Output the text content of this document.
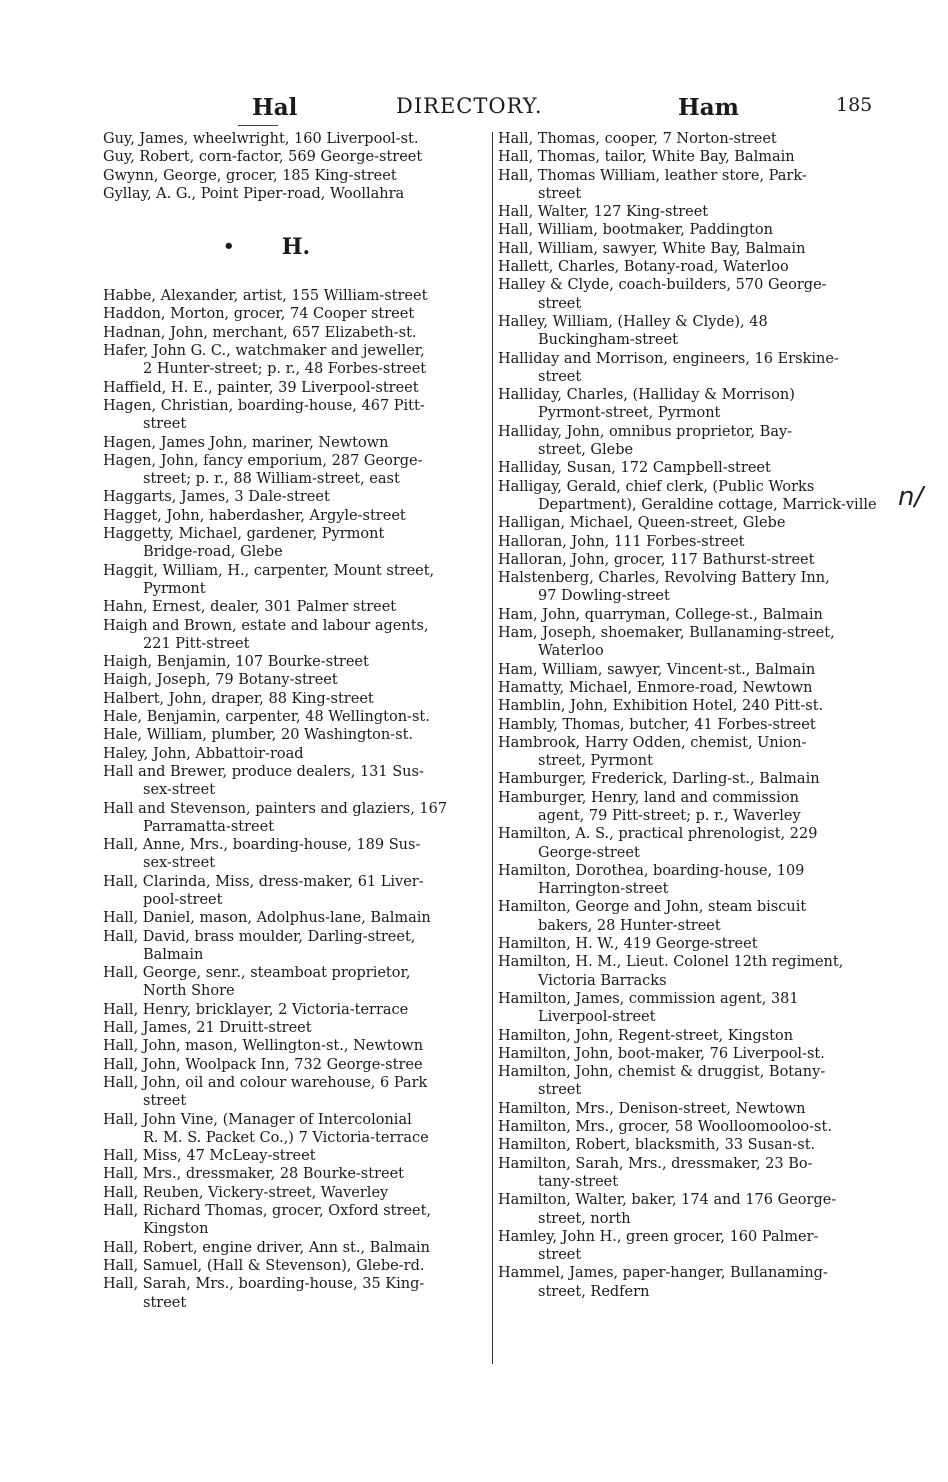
Hal	DIRECTORY.	Ham	185
Guy, James, wheelwright, 160 Liverpool-st.
Guy, Robert, corn-factor, 569 George-street
Gwynn, George, grocer, 185 King-street
Gyllay, A. G., Point Piper-road, Woollahra
• H.
Habbe, Alexander, artist, 155 William-street
Haddon, Morton, grocer, 74 Cooper street
Hadnan, John, merchant, 657 Elizabeth-st.
Hafer, John G. C., watchmaker and jeweller,
2 Hunter-street; p. r., 48 Forbes-street
Haffield, H. E., painter, 39 Liverpool-street
Hagen, Christian, boarding-house, 467 Pitt-
street
Hagen, James John, mariner, Newtown
Hagen, John, fancy emporium, 287 George-
street; p. r., 88 William-street, east
Haggarts, James, 3 Dale-street
Hagget, John, haberdasher, Argyle-street
Haggetty, Michael, gardener, Pyrmont
Bridge-road, Glebe
Haggit, William, H., carpenter, Mount street,
Pyrmont
Hahn, Ernest, dealer, 301 Palmer street
Haigh and Brown, estate and labour agents,
221 Pitt-street
Haigh, Benjamin, 107 Bourke-street
Haigh, Joseph, 79 Botany-street
Halbert, John, draper, 88 King-street
Hale, Benjamin, carpenter, 48 Wellington-st.
Hale, William, plumber, 20 Washington-st.
Haley, John, Abbattoir-road
Hall and Brewer, produce dealers, 131 Sus-
sex-street
Hall and Stevenson, painters and glaziers, 167
Parramatta-street
Hall, Anne, Mrs., boarding-house, 189 Sus-
sex-street
Hall, Clarinda, Miss, dress-maker, 61 Liver-
pool-street
Hall, Daniel, mason, Adolphus-lane, Balmain
Hall, David, brass moulder, Darling-street,
Balmain
Hall, George, senr., steamboat proprietor,
North Shore
Hall, Henry, bricklayer, 2 Victoria-terrace
Hall, James, 21 Druitt-street
Hall, John, mason, Wellington-st., Newtown
Hall, John, Woolpack Inn, 732 George-stree
Hall, John, oil and colour warehouse, 6 Park
street
Hall, John Vine, (Manager of Intercolonial
R. M. S. Packet Co.,) 7 Victoria-terrace
Hall, Miss, 47 McLeay-street
Hall, Mrs., dressmaker, 28 Bourke-street
Hall, Reuben, Vickery-street, Waverley
Hall, Richard Thomas, grocer, Oxford street,
Kingston
Hall, Robert, engine driver, Ann st., Balmain
Hall, Samuel, (Hall & Stevenson), Glebe-rd.
Hall, Sarah, Mrs., boarding-house, 35 King-
street
Hall, Thomas, cooper, 7 Norton-street
Hall, Thomas, tailor, White Bay, Balmain
Hall, Thomas William, leather store, Park-
street
Hall, Walter, 127 King-street
Hall, William, bootmaker, Paddington
Hall, William, sawyer, White Bay, Balmain
Hallett, Charles, Botany-road, Waterloo
Halley & Clyde, coach-builders, 570 George-
street
Halley, William, (Halley & Clyde), 48
Buckingham-street
Halliday and Morrison, engineers, 16 Erskine-
street
Halliday, Charles, (Halliday & Morrison)
Pyrmont-street, Pyrmont
Halliday, John, omnibus proprietor, Bay-
street, Glebe
Halliday, Susan, 172 Campbell-street
Halligay, Gerald, chief clerk, (Public Works
Department), Geraldine cottage, Marrick-ville
Halligan, Michael, Queen-street, Glebe
Halloran, John, 111 Forbes-street
Halloran, John, grocer, 117 Bathurst-street
Halstenberg, Charles, Revolving Battery Inn,
97 Dowling-street
Ham, John, quarryman, College-st., Balmain
Ham, Joseph, shoemaker, Bullanaming-street,
Waterloo
Ham, William, sawyer, Vincent-st., Balmain
Hamatty, Michael, Enmore-road, Newtown
Hamblin, John, Exhibition Hotel, 240 Pitt-st.
Hambly, Thomas, butcher, 41 Forbes-street
Hambrook, Harry Odden, chemist, Union-
street, Pyrmont
Hamburger, Frederick, Darling-st., Balmain
Hamburger, Henry, land and commission
agent, 79 Pitt-street; p. r., Waverley
Hamilton, A. S., practical phrenologist, 229
George-street
Hamilton, Dorothea, boarding-house, 109
Harrington-street
Hamilton, George and John, steam biscuit
bakers, 28 Hunter-street
Hamilton, H. W., 419 George-street
Hamilton, H. M., Lieut. Colonel 12th regiment,
Victoria Barracks
Hamilton, James, commission agent, 381
Liverpool-street
Hamilton, John, Regent-street, Kingston
Hamilton, John, boot-maker, 76 Liverpool-st.
Hamilton, John, chemist & druggist, Botany-
street
Hamilton, Mrs., Denison-street, Newtown
Hamilton, Mrs., grocer, 58 Woolloomooloo-st.
Hamilton, Robert, blacksmith, 33 Susan-st.
Hamilton, Sarah, Mrs., dressmaker, 23 Bo-
tany-street
Hamilton, Walter, baker, 174 and 176 George-
street, north
Hamley, John H., green grocer, 160 Palmer-
street
Hammel, James, paper-hanger, Bullanaming-
street, Redfern
n/
